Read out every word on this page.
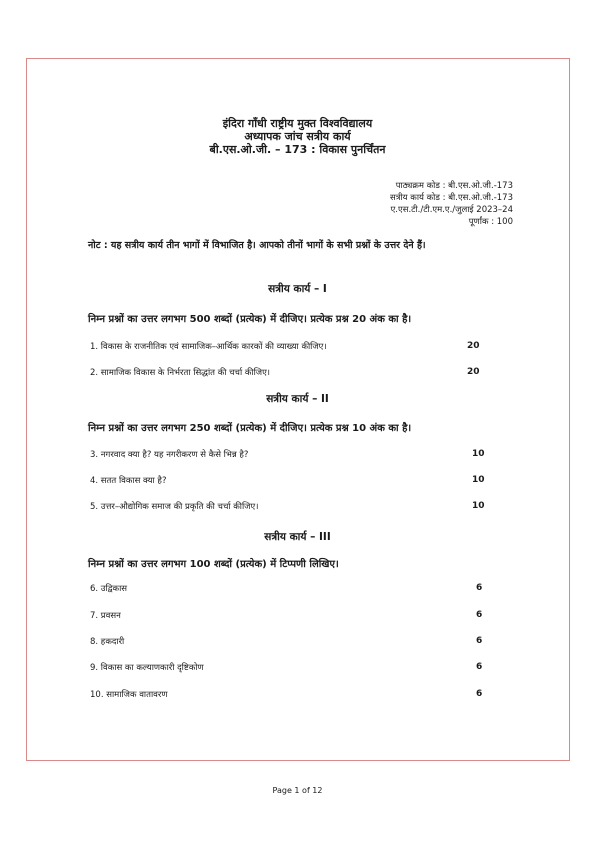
इंदिरा गाँधी राष्ट्रीय मुक्त विश्वविद्यालय
अध्यापक जांच सत्रीय कार्य
बी.एस.ओ.जी. – 173 : विकास पुनर्चिंतन
पाठ्यक्रम कोड : बी.एस.ओ.जी.-173
सत्रीय कार्य कोड : बी.एस.ओ.जी.-173
ए.एस.टी./टी.एम.ए./जुलाई 2023–24
पूर्णांक : 100
नोट : यह सत्रीय कार्य तीन भागों में विभाजित है। आपको तीनों भागों के सभी प्रश्नों के उत्तर देने हैं।
सत्रीय कार्य – I
निम्न प्रश्नों का उत्तर लगभग 500 शब्दों (प्रत्येक) में दीजिए। प्रत्येक प्रश्न 20 अंक का है।
1. विकास के राजनीतिक एवं सामाजिक–आर्थिक कारकों की व्याख्या कीजिए।	20
2. सामाजिक विकास के निर्भरता सिद्धांत की चर्चा कीजिए।	20
सत्रीय कार्य – II
निम्न प्रश्नों का उत्तर लगभग 250 शब्दों (प्रत्येक) में दीजिए। प्रत्येक प्रश्न 10 अंक का है।
3. नगरवाद क्या है? यह नगरीकरण से कैसे भिन्न है?	10
4. सतत विकास क्या है?	10
5. उत्तर–औद्योगिक समाज की प्रकृति की चर्चा कीजिए।	10
सत्रीय कार्य – III
निम्न प्रश्नों का उत्तर लगभग 100 शब्दों (प्रत्येक) में टिप्पणी लिखिए।
6. उद्विकास	6
7. प्रवसन	6
8. हकदारी	6
9. विकास का कल्याणकारी दृष्टिकोण	6
10. सामाजिक वातावरण	6
Page 1 of 12
